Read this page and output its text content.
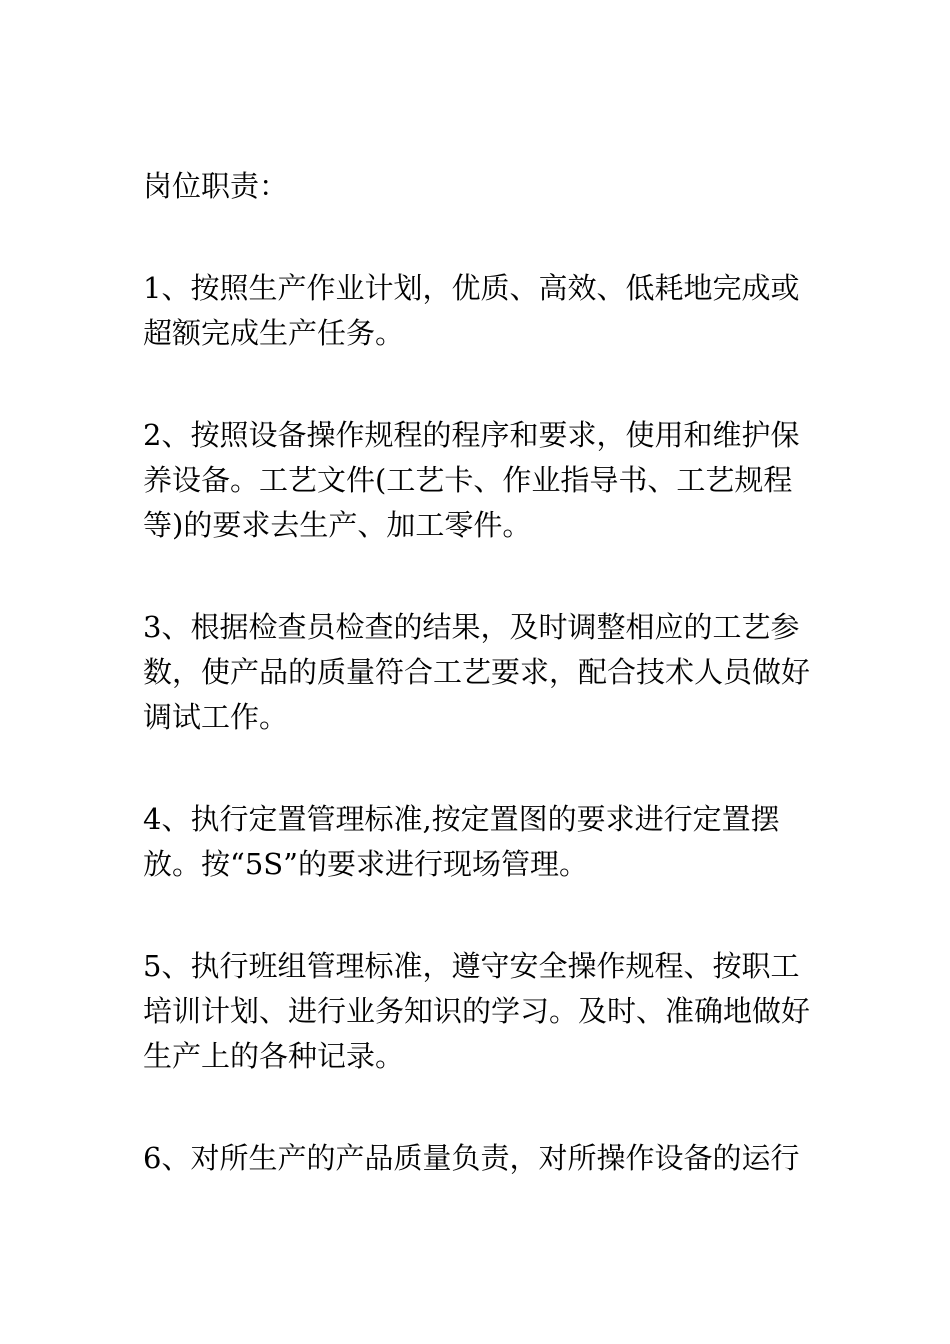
岗位职责：
1、按照生产作业计划，优质、高效、低耗地完成或
超额完成生产任务。
2、按照设备操作规程的程序和要求，使用和维护保
养设备。工艺文件(工艺卡、作业指导书、工艺规程
等)的要求去生产、加工零件。
3、根据检查员检查的结果，及时调整相应的工艺参
数，使产品的质量符合工艺要求，配合技术人员做好
调试工作。
4、执行定置管理标准,按定置图的要求进行定置摆
放。按“5S”的要求进行现场管理。
5、执行班组管理标准，遵守安全操作规程、按职工
培训计划、进行业务知识的学习。及时、准确地做好
生产上的各种记录。
6、对所生产的产品质量负责，对所操作设备的运行
